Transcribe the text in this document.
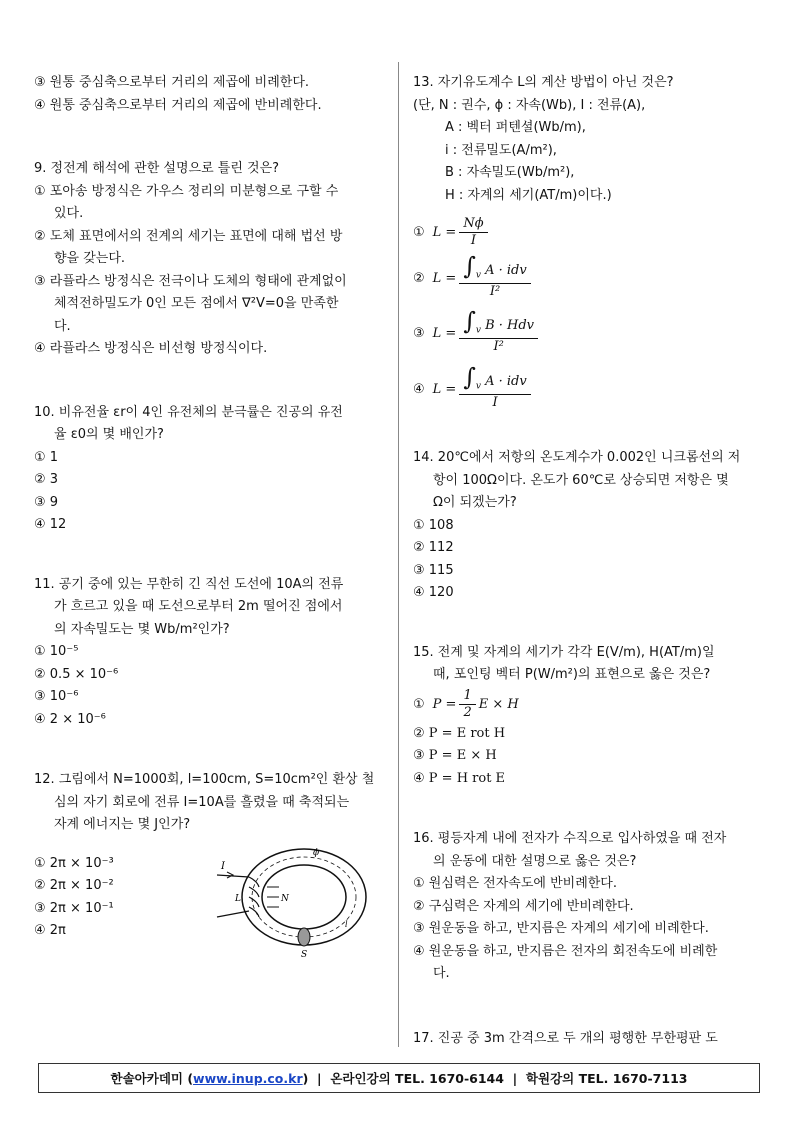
③ 원통 중심축으로부터 거리의 제곱에 비례한다.
④ 원통 중심축으로부터 거리의 제곱에 반비례한다.
9. 정전계 해석에 관한 설명으로 틀린 것은?
① 포아송 방정식은 가우스 정리의 미분형으로 구할 수
있다.
② 도체 표면에서의 전계의 세기는 표면에 대해 법선 방
향을 갖는다.
③ 라플라스 방정식은 전극이나 도체의 형태에 관계없이
체적전하밀도가 0인 모든 점에서 ∇²V=0을 만족한
다.
④ 라플라스 방정식은 비선형 방정식이다.
10. 비유전율 εr이 4인 유전체의 분극률은 진공의 유전
율 ε0의 몇 배인가?
① 1
② 3
③ 9
④ 12
11. 공기 중에 있는 무한히 긴 직선 도선에 10A의 전류
가 흐르고 있을 때 도선으로부터 2m 떨어진 점에서
의 자속밀도는 몇 Wb/m²인가?
① 10⁻⁵
② 0.5 × 10⁻⁶
③ 10⁻⁶
④ 2 × 10⁻⁶
12. 그림에서 N=1000회, l=100cm, S=10cm²인 환상 철
심의 자기 회로에 전류 I=10A를 흘렸을 때 축적되는
자계 에너지는 몇 J인가?
① 2π × 10⁻³
② 2π × 10⁻²
③ 2π × 10⁻¹
④ 2π
I
L	N
S
ϕ
l
13. 자기유도계수 L의 계산 방법이 아닌 것은?
(단, N : 권수, ϕ : 자속(Wb), I : 전류(A),
A : 벡터 퍼텐셜(Wb/m),
i : 전류밀도(A/m²),
B : 자속밀도(Wb/m²),
H : 자계의 세기(AT/m)이다.)
① $L = \frac{N\phi}{I}$
② $L = \frac{\int_v A \cdot idv}{\text{I²}}$
③ $L = \frac{\int_v B \cdot Hdv}{\text{I²}}$
④ $L = \frac{\int_v A \cdot idv}{I}$
14. 20℃에서 저항의 온도계수가 0.002인 니크롬선의 저
항이 100Ω이다. 온도가 60℃로 상승되면 저항은 몇
Ω이 되겠는가?
① 108
② 112
③ 115
④ 120
15. 전계 및 자계의 세기가 각각 E(V/m), H(AT/m)일
때, 포인팅 벡터 P(W/m²)의 표현으로 옳은 것은?
① $P = \frac{1}{2}$ E × H
② P = E rot H
③ P = E × H
④ P = H rot E
16. 평등자계 내에 전자가 수직으로 입사하였을 때 전자
의 운동에 대한 설명으로 옳은 것은?
① 원심력은 전자속도에 반비례한다.
② 구심력은 자계의 세기에 반비례한다.
③ 원운동을 하고, 반지름은 자계의 세기에 비례한다.
④ 원운동을 하고, 반지름은 전자의 회전속도에 비례한
다.
17. 진공 중 3m 간격으로 두 개의 평행한 무한평판 도
한솔아카데미 ( www.inup.co.kr )  |  온라인강의 TEL. 1670-6144  |  학원강의 TEL. 1670-7113
